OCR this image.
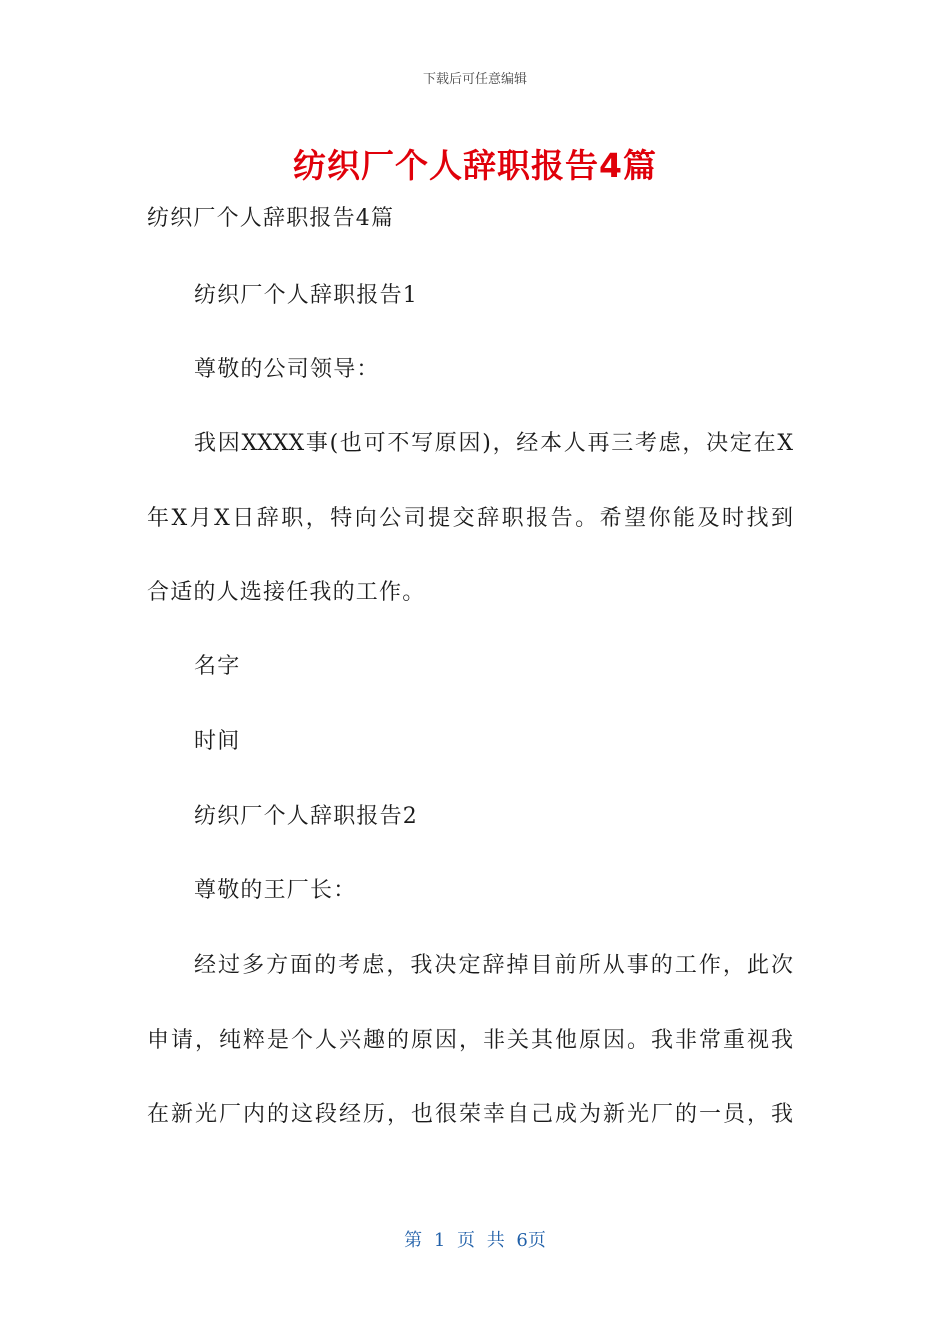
下载后可任意编辑
纺织厂个人辞职报告4篇
纺织厂个人辞职报告4篇
纺织厂个人辞职报告1
尊敬的公司领导：
我因XXXX事(也可不写原因)，经本人再三考虑，决定在X
年X月X日辞职，特向公司提交辞职报告。希望你能及时找到
合适的人选接任我的工作。
名字
时间
纺织厂个人辞职报告2
尊敬的王厂长：
经过多方面的考虑，我决定辞掉目前所从事的工作，此次
申请，纯粹是个人兴趣的原因，非关其他原因。我非常重视我
在新光厂内的这段经历，也很荣幸自己成为新光厂的一员，我
第 1 页 共 6页
